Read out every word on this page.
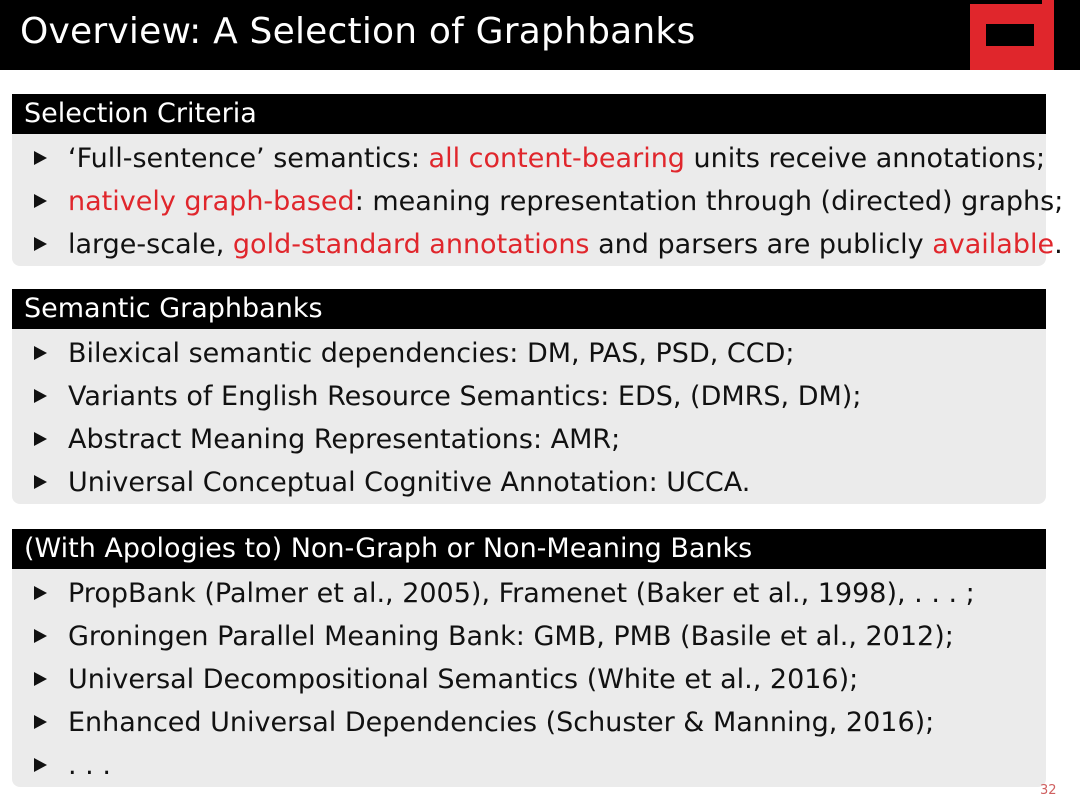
Overview: A Selection of Graphbanks
Selection Criteria
‘Full-sentence’ semantics: all content-bearing units receive annotations;
natively graph-based: meaning representation through (directed) graphs;
large-scale, gold-standard annotations and parsers are publicly available.
Semantic Graphbanks
Bilexical semantic dependencies: DM, PAS, PSD, CCD;
Variants of English Resource Semantics: EDS, (DMRS, DM);
Abstract Meaning Representations: AMR;
Universal Conceptual Cognitive Annotation: UCCA.
(With Apologies to) Non-Graph or Non-Meaning Banks
PropBank (Palmer et al., 2005), Framenet (Baker et al., 1998), . . . ;
Groningen Parallel Meaning Bank: GMB, PMB (Basile et al., 2012);
Universal Decompositional Semantics (White et al., 2016);
Enhanced Universal Dependencies (Schuster & Manning, 2016);
. . .
32
